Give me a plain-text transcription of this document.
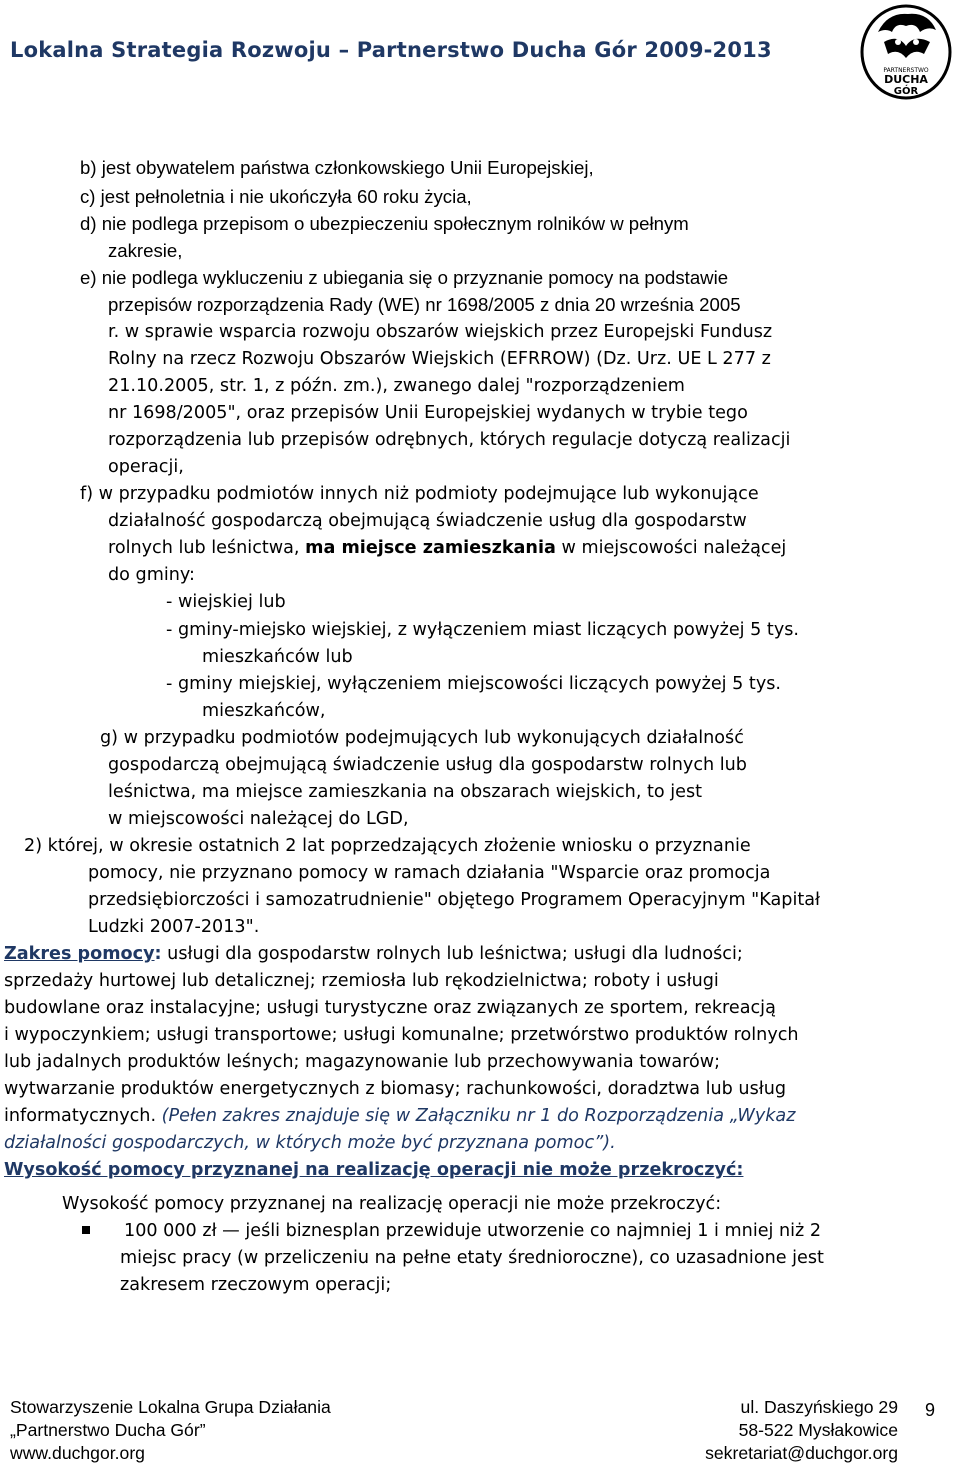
Lokalna Strategia Rozwoju – Partnerstwo Ducha Gór 2009-2013
PARTNERSTWO
DUCHA
GÓR
b) jest obywatelem państwa członkowskiego Unii Europejskiej,
c) jest pełnoletnia i nie ukończyła 60 roku życia,
d) nie podlega przepisom o ubezpieczeniu społecznym rolników w pełnym
zakresie,
e) nie podlega wykluczeniu z ubiegania się o przyznanie pomocy na podstawie
przepisów rozporządzenia Rady (WE) nr 1698/2005 z dnia 20 września 2005
r. w sprawie wsparcia rozwoju obszarów wiejskich przez Europejski Fundusz
Rolny na rzecz Rozwoju Obszarów Wiejskich (EFRROW) (Dz. Urz. UE L 277 z
21.10.2005, str. 1, z późn. zm.), zwanego dalej "rozporządzeniem
nr 1698/2005", oraz przepisów Unii Europejskiej wydanych w trybie tego
rozporządzenia lub przepisów odrębnych, których regulacje dotyczą realizacji
operacji,
f) w przypadku podmiotów innych niż podmioty podejmujące lub wykonujące
działalność gospodarczą obejmującą świadczenie usług dla gospodarstw
rolnych lub leśnictwa, ma miejsce zamieszkania w miejscowości należącej
do gminy:
- wiejskiej lub
- gminy-miejsko wiejskiej, z wyłączeniem miast liczących powyżej 5 tys.
mieszkańców lub
- gminy miejskiej, wyłączeniem miejscowości liczących powyżej 5 tys.
mieszkańców,
g) w przypadku podmiotów podejmujących lub wykonujących działalność
gospodarczą obejmującą świadczenie usług dla gospodarstw rolnych lub
leśnictwa, ma miejsce zamieszkania na obszarach wiejskich, to jest
w miejscowości należącej do LGD,
2) której, w okresie ostatnich 2 lat poprzedzających złożenie wniosku o przyznanie
pomocy, nie przyznano pomocy w ramach działania "Wsparcie oraz promocja
przedsiębiorczości i samozatrudnienie" objętego Programem Operacyjnym "Kapitał
Ludzki 2007-2013".
Zakres pomocy: usługi dla gospodarstw rolnych lub leśnictwa; usługi dla ludności;
sprzedaży hurtowej lub detalicznej; rzemiosła lub rękodzielnictwa; roboty i usługi
budowlane oraz instalacyjne; usługi turystyczne oraz związanych ze sportem, rekreacją
i wypoczynkiem; usługi transportowe; usługi komunalne; przetwórstwo produktów rolnych
lub jadalnych produktów leśnych; magazynowanie lub przechowywania towarów;
wytwarzanie produktów energetycznych z biomasy; rachunkowości, doradztwa lub usług
informatycznych. (Pełen zakres znajduje się w Załączniku nr 1 do Rozporządzenia „Wykaz
działalności gospodarczych, w których może być przyznana pomoc”).
Wysokość pomocy przyznanej na realizację operacji nie może przekroczyć:
Wysokość pomocy przyznanej na realizację operacji nie może przekroczyć:
100 000 zł — jeśli biznesplan przewiduje utworzenie co najmniej 1 i mniej niż 2
miejsc pracy (w przeliczeniu na pełne etaty średnioroczne), co uzasadnione jest
zakresem rzeczowym operacji;
Stowarzyszenie Lokalna Grupa Działania
„Partnerstwo Ducha Gór”
www.duchgor.org
ul. Daszyńskiego 29
58-522 Mysłakowice
sekretariat@duchgor.org
9
